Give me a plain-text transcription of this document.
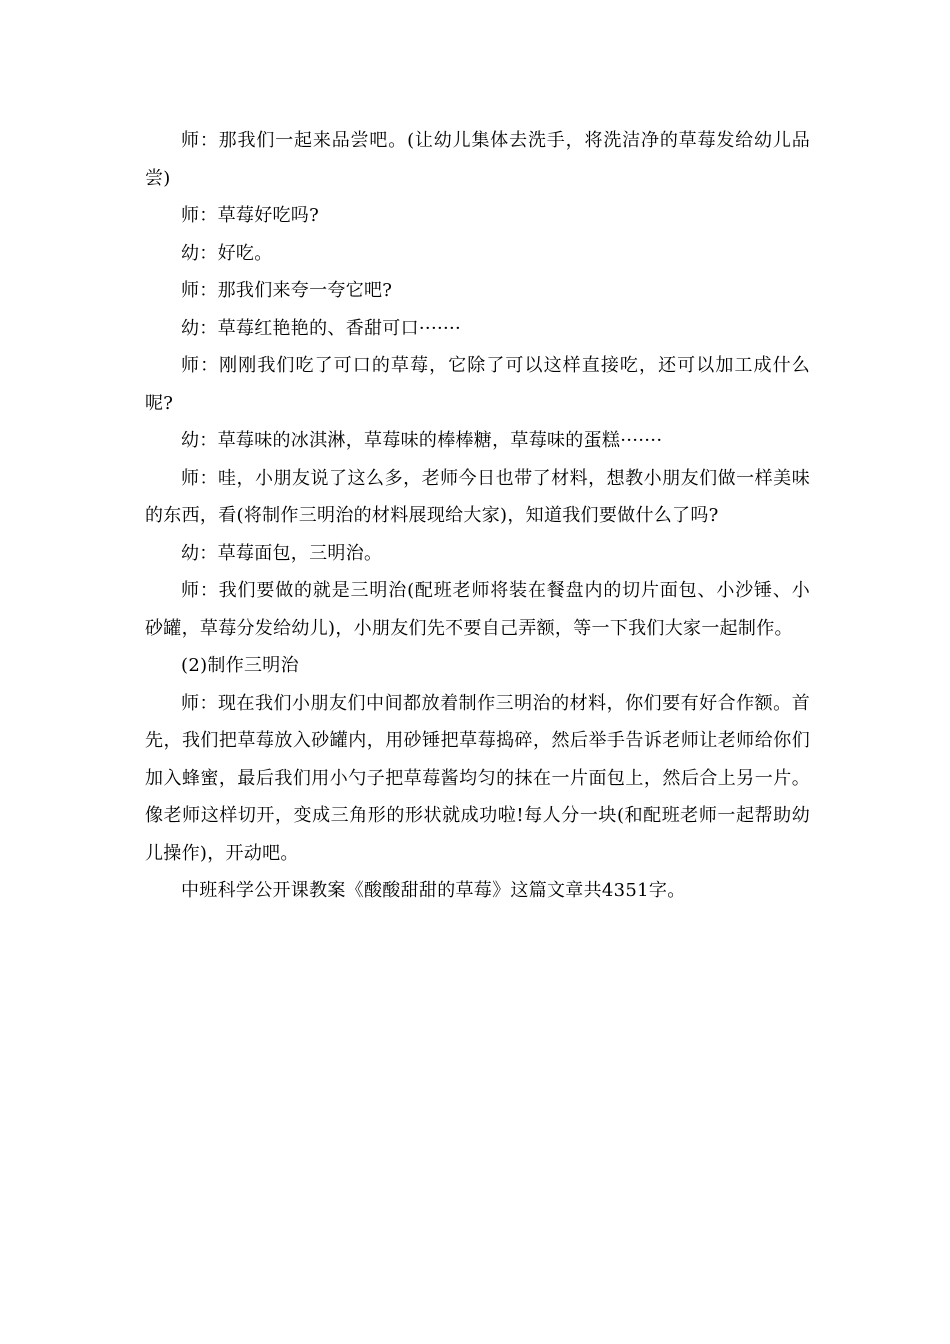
师：那我们一起来品尝吧。(让幼儿集体去洗手，将洗洁净的草莓发给幼儿品尝)

师：草莓好吃吗?

幼：好吃。

师：那我们来夸一夸它吧?

幼：草莓红艳艳的、香甜可口·······

师：刚刚我们吃了可口的草莓，它除了可以这样直接吃，还可以加工成什么呢?

幼：草莓味的冰淇淋，草莓味的棒棒糖，草莓味的蛋糕·······

师：哇，小朋友说了这么多，老师今日也带了材料，想教小朋友们做一样美味的东西，看(将制作三明治的材料展现给大家)，知道我们要做什么了吗?

幼：草莓面包，三明治。

师：我们要做的就是三明治(配班老师将装在餐盘内的切片面包、小沙锤、小砂罐，草莓分发给幼儿)，小朋友们先不要自己弄额，等一下我们大家一起制作。

(2)制作三明治

师：现在我们小朋友们中间都放着制作三明治的材料，你们要有好合作额。首先，我们把草莓放入砂罐内，用砂锤把草莓捣碎，然后举手告诉老师让老师给你们加入蜂蜜，最后我们用小勺子把草莓酱均匀的抹在一片面包上，然后合上另一片。像老师这样切开，变成三角形的形状就成功啦!每人分一块(和配班老师一起帮助幼儿操作)，开动吧。

中班科学公开课教案《酸酸甜甜的草莓》这篇文章共4351字。
